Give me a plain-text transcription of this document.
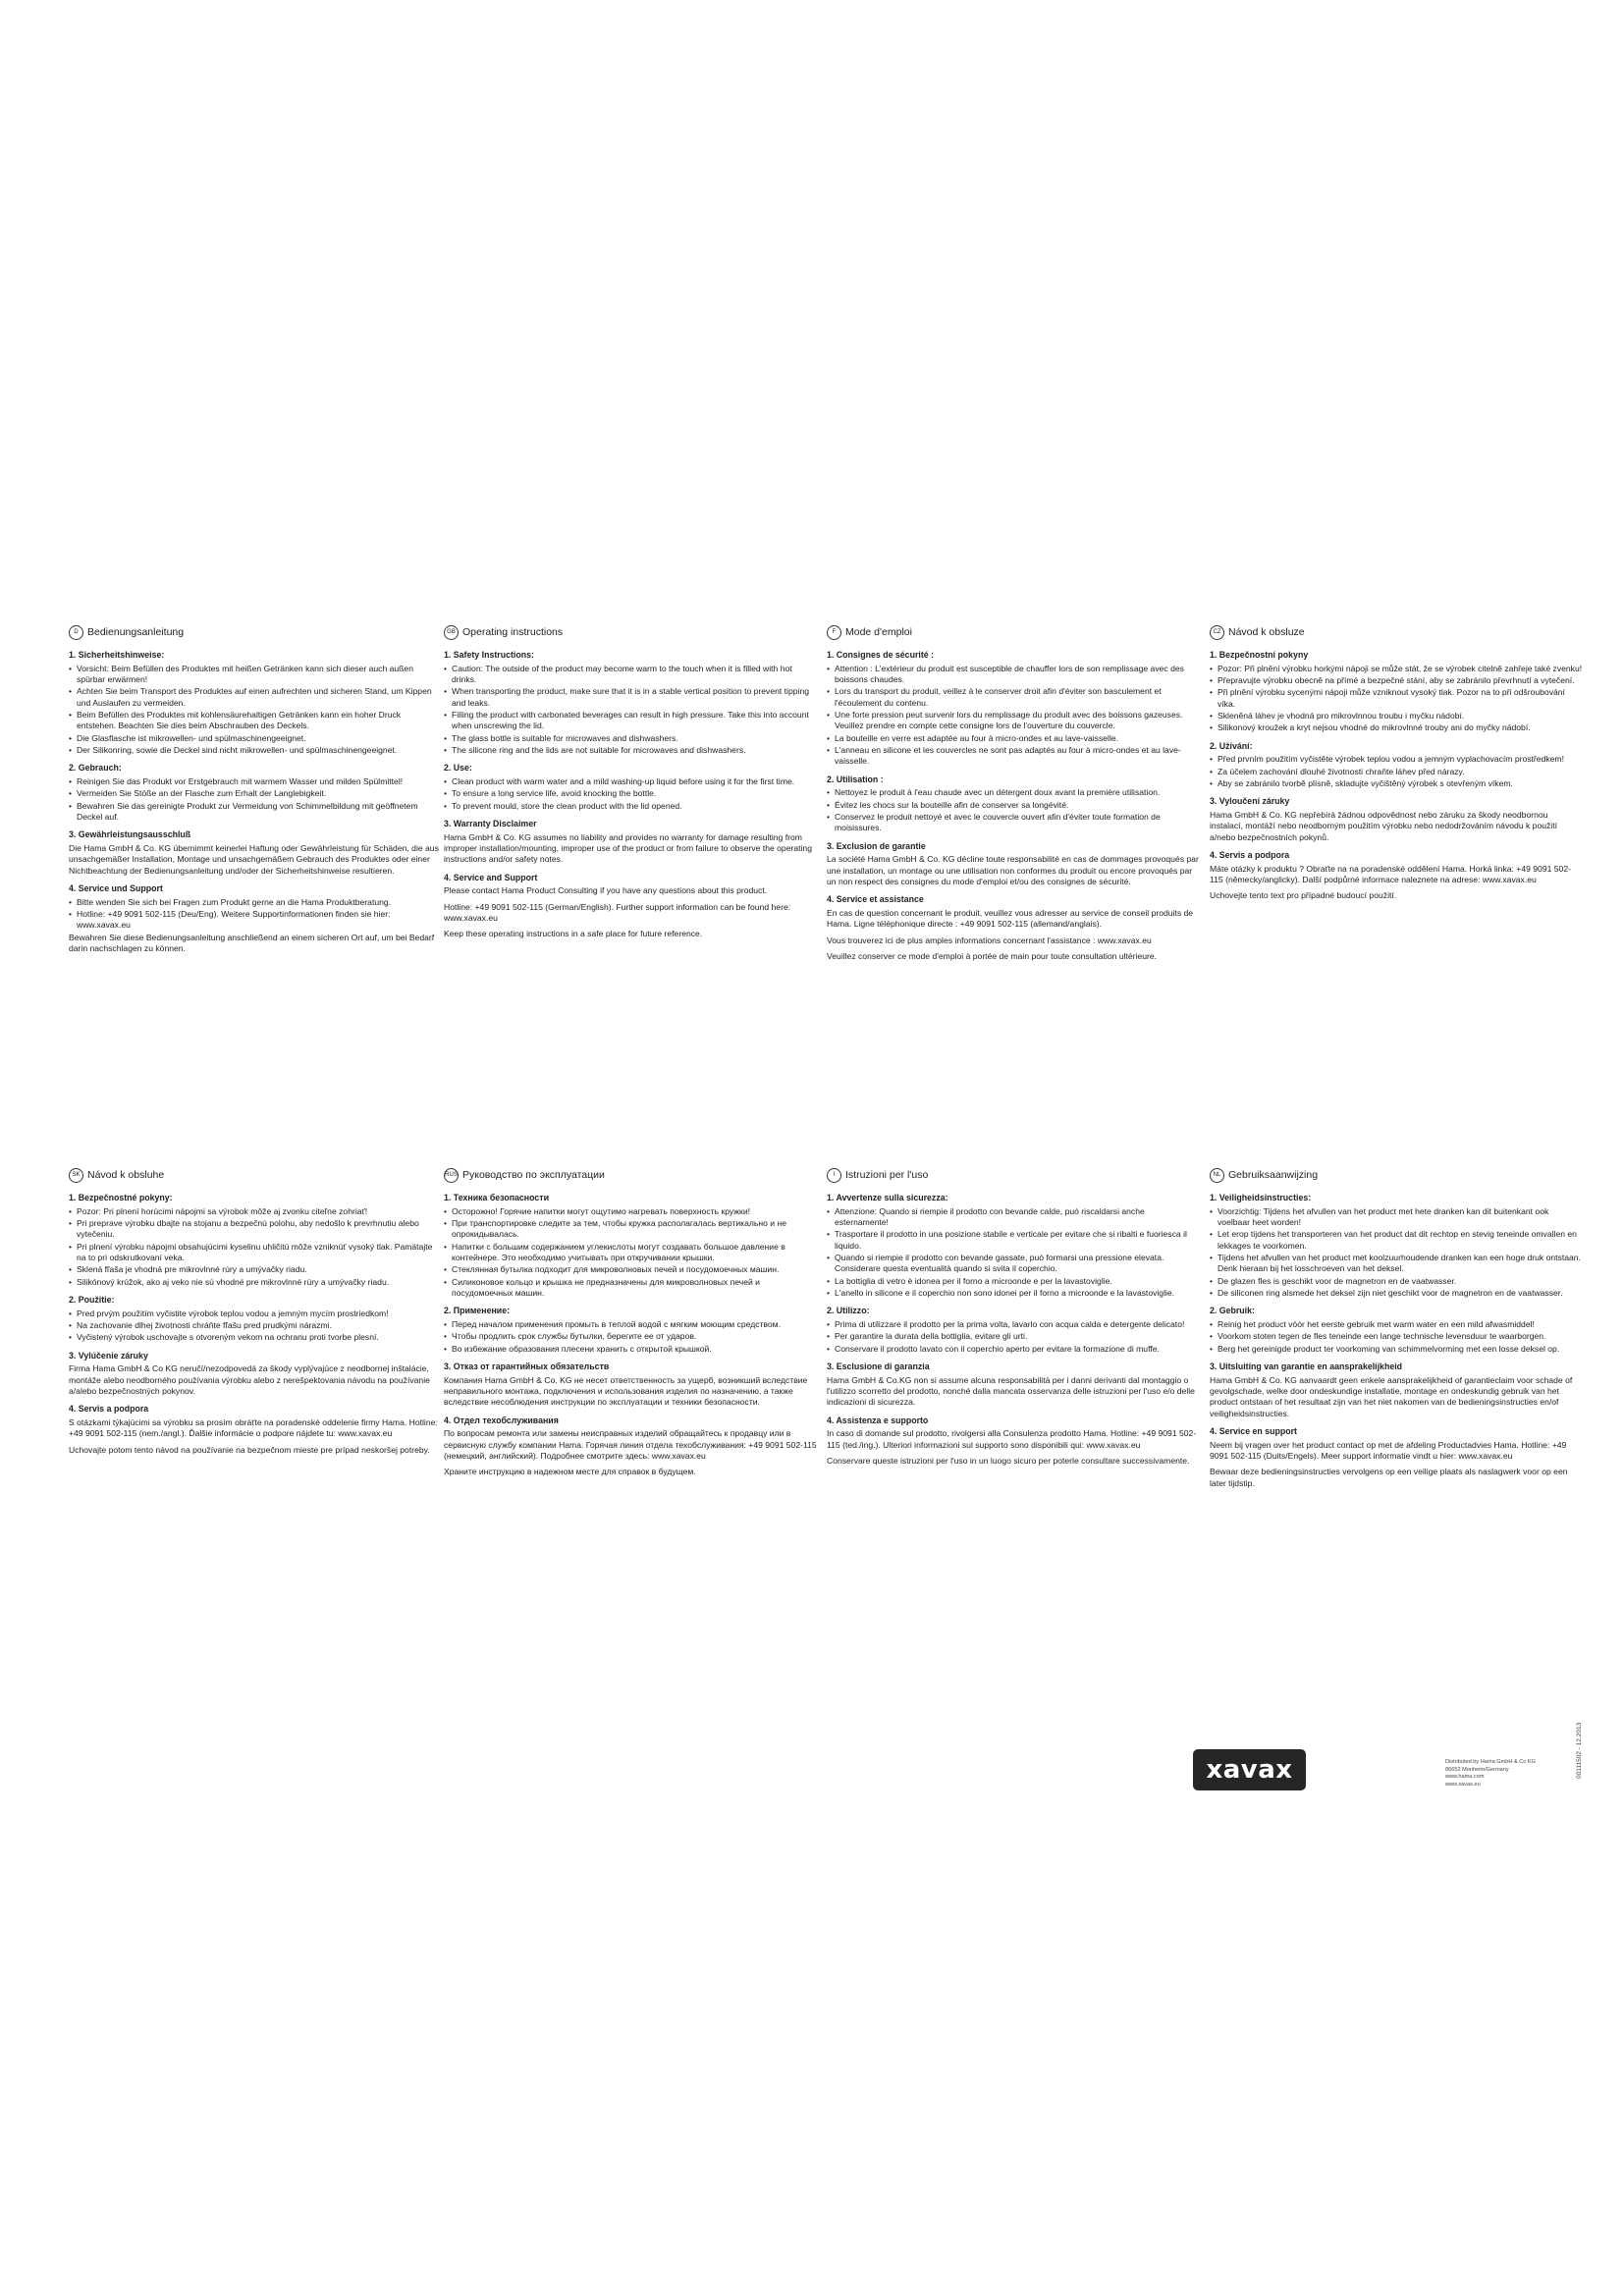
D Bedienungsanleitung
1. Sicherheitshinweise:
• Vorsicht: Beim Befüllen des Produktes mit heißen Getränken kann sich dieser auch außen spürbar erwärmen!
• Achten Sie beim Transport des Produktes auf einen aufrechten und sicheren Stand, um Kippen und Auslaufen zu vermeiden.
• Beim Befüllen des Produktes mit kohlensäurehaltigen Getränken kann ein hoher Druck entstehen. Beachten Sie dies beim Abschrauben des Deckels.
• Die Glasflasche ist mikrowellen- und spülmaschinengeeignet.
• Der Silikonring, sowie die Deckel sind nicht mikrowellen- und spülmaschinengeeignet.
2. Gebrauch:
• Reinigen Sie das Produkt vor Erstgebrauch mit warmem Wasser und milden Spülmittel!
• Vermeiden Sie Stöße an der Flasche zum Erhalt der Langlebigkeit.
• Bewahren Sie das gereinigte Produkt zur Vermeidung von Schimmelbildung mit geöffnetem Deckel auf.
3. Gewährleistungsausschluß

Die Hama GmbH & Co. KG übernimmt keinerlei Haftung oder Gewährleistung für Schäden, die aus unsachgemäßer Installation, Montage und unsachgemäßem Gebrauch des Produktes oder einer Nichtbeachtung der Bedienungsanleitung und/oder der Sicherheitshinweise resultieren.

4. Service und Support
• Bitte wenden Sie sich bei Fragen zum Produkt gerne an die Hama Produktberatung.
• Hotline: +49 9091 502-115 (Deu/Eng). Weitere Supportinformationen finden sie hier: www.xavax.eu

Bewahren Sie diese Bedienungsanleitung anschließend an einem sicheren Ort auf, um bei Bedarf darin nachschlagen zu können.

GB Operating instructions
1. Safety Instructions:
• Caution: The outside of the product may become warm to the touch when it is filled with hot drinks.
• When transporting the product, make sure that it is in a stable vertical position to prevent tipping and leaks.
• Filling the product with carbonated beverages can result in high pressure. Take this into account when unscrewing the lid.
• The glass bottle is suitable for microwaves and dishwashers.
• The silicone ring and the lids are not suitable for microwaves and dishwashers.
2. Use:
• Clean product with warm water and a mild washing-up liquid before using it for the first time.
• To ensure a long service life, avoid knocking the bottle.
• To prevent mould, store the clean product with the lid opened.
3. Warranty Disclaimer

Hama GmbH & Co. KG assumes no liability and provides no warranty for damage resulting from improper installation/mounting, improper use of the product or from failure to observe the operating instructions and/or safety notes.

4. Service and Support

Please contact Hama Product Consulting if you have any questions about this product.

Hotline: +49 9091 502-115 (German/English). Further support information can be found here: www.xavax.eu

Keep these operating instructions in a safe place for future reference.

F Mode d'emploi
1. Consignes de sécurité :
• Attention : L'extérieur du produit est susceptible de chauffer lors de son remplissage avec des boissons chaudes.
• Lors du transport du produit, veillez à le conserver droit afin d'éviter son basculement et l'écoulement du contenu.
• Une forte pression peut survenir lors du remplissage du produit avec des boissons gazeuses. Veuillez prendre en compte cette consigne lors de l'ouverture du couvercle.
• La bouteille en verre est adaptée au four à micro-ondes et au lave-vaisselle.
• L'anneau en silicone et les couvercles ne sont pas adaptés au four à micro-ondes et au lave-vaisselle.
2. Utilisation :
• Nettoyez le produit à l'eau chaude avec un détergent doux avant la première utilisation.
• Évitez les chocs sur la bouteille afin de conserver sa longévité.
• Conservez le produit nettoyé et avec le couvercle ouvert afin d'éviter toute formation de moisissures.
3. Exclusion de garantie

La société Hama GmbH & Co. KG décline toute responsabilité en cas de dommages provoqués par une installation, un montage ou une utilisation non conformes du produit ou encore provoqués par un non respect des consignes du mode d'emploi et/ou des consignes de sécurité.

4. Service et assistance

En cas de question concernant le produit, veuillez vous adresser au service de conseil produits de Hama. Ligne téléphonique directe : +49 9091 502-115 (allemand/anglais).

Vous trouverez ici de plus amples informations concernant l'assistance : www.xavax.eu

Veuillez conserver ce mode d'emploi à portée de main pour toute consultation ultérieure.

CZ Návod k obsluze
1. Bezpečnostní pokyny
• Pozor: Při plnění výrobku horkými nápoji se může stát, že se výrobek citelně zahřeje také zvenku!
• Přepravujte výrobku obecně na přímé a bezpečné stání, aby se zabránilo převrhnutí a vytečení.
• Při plnění výrobku sycenými nápoji může vzniknout vysoký tlak. Pozor na to při odšroubování víka.
• Skleněná láhev je vhodná pro mikrovlnnou troubu i myčku nádobí.
• Silikonový kroužek a kryt nejsou vhodné do mikrovlnné trouby ani do myčky nádobí.
2. Užívání:
• Před prvním použitím vyčistěte výrobek teplou vodou a jemným vyplachovacím prostředkem!
• Za účelem zachování dlouhé životnosti chraňte láhev před nárazy.
• Aby se zabránilo tvorbě plísně, skladujte vyčištěný výrobek s otevřeným víkem.
3. Vyloučení záruky

Hama GmbH & Co. KG nepřebírá žádnou odpovědnost nebo záruku za škody neodbornou instalací, montáží nebo neodborným použitím výrobku nebo nedodržováním návodu k použití a/nebo bezpečnostních pokynů.

4. Servis a podpora

Máte otázky k produktu ? Obraťte na na poradenské oddělení Hama. Horká linka: +49 9091 502-115 (německy/anglicky). Další podpůrné informace naleznete na adrese: www.xavax.eu

Uchovejte tento text pro případné budoucí použití.

SK Návod k obsluhe
1. Bezpečnostné pokyny:
• Pozor: Pri plnení horúcimi nápojmi sa výrobok môže aj zvonku citeľne zohriať!
• Pri preprave výrobku dbajte na stojanu a bezpečnú polohu, aby nedošlo k prevrhnutiu alebo vytečeniu.
• Pri plnení výrobku nápojmi obsahujúcimi kyselinu uhličitú môže vzniknúť vysoký tlak. Pamätajte na to pri odskrutkovaní veka.
• Sklená fľaša je vhodná pre mikrovlnné rúry a umývačky riadu.
• Silikónový krúžok, ako aj veko nie sú vhodné pre mikrovlnné rúry a umývačky riadu.
2. Použitie:
• Pred prvým použitím vyčistite výrobok teplou vodou a jemným mycím prostriedkom!
• Na zachovanie dlhej životnosti chráňte fľašu pred prudkými nárazmi.
• Vyčistený výrobok uschovajte s otvoreným vekom na ochranu proti tvorbe plesní.
3. Vylúčenie záruky

Firma Hama GmbH & Co KG neručí/nezodpovedá za škody vyplývajúce z neodbornej inštalácie, montáže alebo neodborného používania výrobku alebo z nerešpektovania návodu na používanie a/alebo bezpečnostných pokynov.

4. Servis a podpora

S otázkami týkajúcimi sa výrobku sa prosím obráťte na poradenské oddelenie firmy Hama. Hotline: +49 9091 502-115 (nem./angl.). Ďalšie informácie o podpore nájdete tu: www.xavax.eu

Uchovajte potom tento návod na používanie na bezpečnom mieste pre prípad neskoršej potreby.

RUS Руководство по эксплуатации
1. Техника безопасности
• Осторожно! Горячие напитки могут ощутимо нагревать поверхность кружки!
• При транспортировке следите за тем, чтобы кружка располагалась вертикально и не опрокидывалась.
• Напитки с большим содержанием углекислоты могут создавать большое давление в контейнере. Это необходимо учитывать при откручивании крышки.
• Стеклянная бутылка подходит для микроволновых печей и посудомоечных машин.
• Силиконовое кольцо и крышка не предназначены для микроволновых печей и посудомоечных машин.
2. Применение:
• Перед началом применения промыть в теплой водой с мягким моющим средством.
• Чтобы продлить срок службы бутылки, берегите ее от ударов.
• Во избежание образования плесени хранить с открытой крышкой.
3. Отказ от гарантийных обязательств

Компания Hama GmbH & Co. KG не несет ответственность за ущерб, возникший вследствие неправильного монтажа, подключения и использования изделия по назначению, а также вследствие несоблюдения инструкции по эксплуатации и техники безопасности.

4. Отдел техобслуживания

По вопросам ремонта или замены неисправных изделий обращайтесь к продавцу или в сервисную службу компании Hama. Горячая линия отдела техобслуживания: +49 9091 502-115 (немецкий, английский). Подробнее смотрите здесь: www.xavax.eu

Храните инструкцию в надежном месте для справок в будущем.

I	Istruzioni per l'uso
1. Avvertenze sulla sicurezza:
• Attenzione: Quando si riempie il prodotto con bevande calde, può riscaldarsi anche esternamente!
• Trasportare il prodotto in una posizione stabile e verticale per evitare che si ribalti e fuoriesca il liquido.
• Quando si riempie il prodotto con bevande gassate, può formarsi una pressione elevata. Considerare questa eventualità quando si svita il coperchio.
• La bottiglia di vetro è idonea per il forno a microonde e per la lavastoviglie.
• L'anello in silicone e il coperchio non sono idonei per il forno a microonde e la lavastoviglie.
2. Utilizzo:
• Prima di utilizzare il prodotto per la prima volta, lavarlo con acqua calda e detergente delicato!
• Per garantire la durata della bottiglia, evitare gli urti.
• Conservare il prodotto lavato con il coperchio aperto per evitare la formazione di muffe.
3. Esclusione di garanzia

Hama GmbH & Co.KG non si assume alcuna responsabilità per i danni derivanti dal montaggio o l'utilizzo scorretto del prodotto, nonché dalla mancata osservanza delle istruzioni per l'uso e/o delle indicazioni di sicurezza.

4. Assistenza e supporto

In caso di domande sul prodotto, rivolgersi alla Consulenza prodotto Hama. Hotline: +49 9091 502-115 (ted./ing.). Ulteriori informazioni sul supporto sono disponibili qui: www.xavax.eu

Conservare queste istruzioni per l'uso in un luogo sicuro per poterle consultare successivamente.

NL Gebruiksaanwijzing
1. Veiligheidsinstructies:
• Voorzichtig: Tijdens het afvullen van het product met hete dranken kan dit buitenkant ook voelbaar heet worden!
• Let erop tijdens het transporteren van het product dat dit rechtop en stevig teneinde omvallen en lekkages te voorkomen.
• Tijdens het afvullen van het product met koolzuurhoudende dranken kan een hoge druk ontstaan. Denk hieraan bij het losschroeven van het deksel.
• De glazen fles is geschikt voor de magnetron en de vaatwasser.
• De siliconen ring alsmede het deksel zijn niet geschikt voor de magnetron en de vaatwasser.
2. Gebruik:
• Reinig het product vóór het eerste gebruik met warm water en een mild afwasmiddel!
• Voorkom stoten tegen de fles teneinde een lange technische levensduur te waarborgen.
• Berg het gereinigde product ter voorkoming van schimmelvorming met een losse deksel op.
3. Uitsluiting van garantie en aansprakelijkheid

Hama GmbH & Co. KG aanvaardt geen enkele aansprakelijkheid of garantieclaim voor schade of gevolgschade, welke door ondeskundige installatie, montage en ondeskundig gebruik van het product ontstaan of het resultaat zijn van het niet nakomen van de bedieningsinstructies en/of veiligheidsinstructies.

4. Service en support

Neem bij vragen over het product contact op met de afdeling Productadvies Hama. Hotline: +49 9091 502-115 (Duits/Engels). Meer support informatie vindt u hier: www.xavax.eu

Bewaar deze bedieningsinstructies vervolgens op een veilige plaats als naslagwerk voor op een later tijdstip.

xavax	Distributed by Hama GmbH & Co KG
86652 Monheim/Germany
www.hama.com
www.xavax.eu
00111502 - 12.2013
